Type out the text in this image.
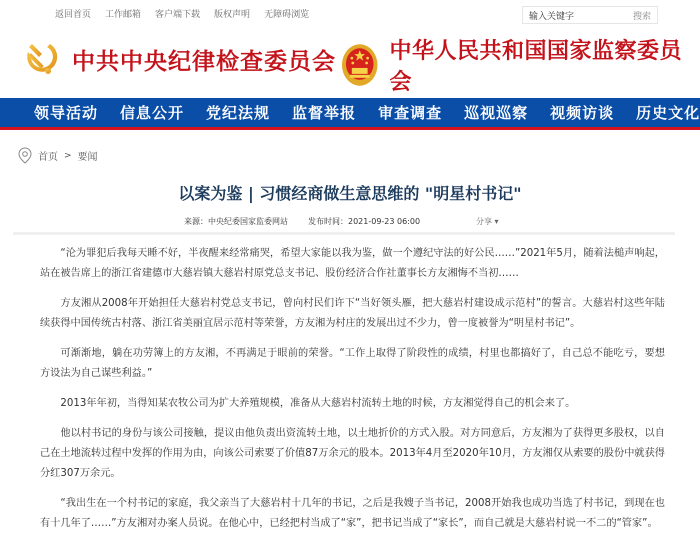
返回首页 工作邮箱 客户端下载 版权声明 无障碍浏览	输入关键字	搜索
中共中央纪律检查委员会 中华人民共和国国家监察委员会
领导活动 信息公开 党纪法规 监督举报 审查调查 巡视巡察 视频访谈 历史文化
首页 > 要闻
以案为鉴 | 习惯经商做生意思维的 "明星村书记"
来源：中央纪委国家监委网站	发布时间：2021-09-23 06:00	分享 ▾

“沦为罪犯后我每天睡不好，半夜醒来经常痛哭，希望大家能以我为鉴，做一个遵纪守法的好公民……”2021年5月，随着法槌声响起，站在被告席上的浙江省建德市大慈岩镇大慈岩村原党总支书记、股份经济合作社董事长方友湘悔不当初……

方友湘从2008年开始担任大慈岩村党总支书记，曾向村民们许下“当好领头雁，把大慈岩村建设成示范村”的誓言。大慈岩村这些年陆续获得中国传统古村落、浙江省美丽宜居示范村等荣誉，方友湘为村庄的发展出过不少力，曾一度被誉为“明星村书记”。

可渐渐地，躺在功劳簿上的方友湘，不再满足于眼前的荣誉。“工作上取得了阶段性的成绩，村里也都搞好了，自己总不能吃亏，要想方设法为自己谋些利益。”

2013年年初，当得知某农牧公司为扩大养殖规模，准备从大慈岩村流转土地的时候，方友湘觉得自己的机会来了。

他以村书记的身份与该公司接触，提议由他负责出资流转土地，以土地折价的方式入股。对方同意后，方友湘为了获得更多股权，以自己在土地流转过程中发挥的作用为由，向该公司索要了价值87万余元的股本。2013年4月至2020年10月，方友湘仅从索要的股份中就获得分红307万余元。

“我出生在一个村书记的家庭，我父亲当了大慈岩村十几年的书记，之后是我嫂子当书记，2008开始我也成功当选了村书记，到现在也有十几年了……”方友湘对办案人员说。在他心中，已经把村当成了“家”，把书记当成了“家长”，而自己就是大慈岩村说一不二的“管家”。
